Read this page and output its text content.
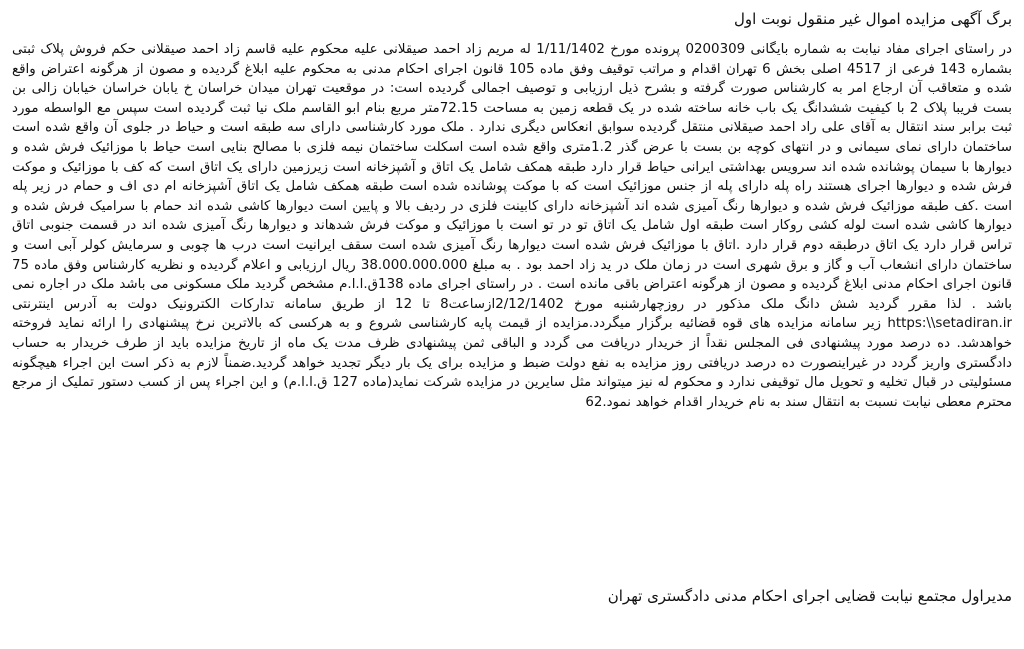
برگ آگهی مزایده اموال غیر منقول نوبت اول
در راستای اجرای مفاد نیابت به شماره بایگانی 0200309 پرونده مورخ 1/11/1402 له مریم زاد احمد صیقلانی علیه محکوم علیه قاسم زاد احمد صیقلانی حکم فروش پلاک ثبتی بشماره 143 فرعی از 4517 اصلی بخش 6 تهران اقدام و مراتب توقیف وفق ماده 105 قانون اجرای احکام مدنی به محکوم علیه ابلاغ گردیده و مصون از هرگونه اعتراض واقع شده و متعاقب آن ارجاع امر به کارشناس صورت گرفته و بشرح ذیل ارزیابی و توصیف اجمالی گردیده است: در موقعیت تهران میدان خراسان خ یابان خراسان خیابان زالی بن بست فریبا پلاک 2 با کیفیت ششدانگ یک باب خانه ساخته شده در یک قطعه زمین به مساحت 72.15متر مربع بنام ابو القاسم ملک نیا ثبت گردیده است سپس مع الواسطه مورد ثبت برابر سند انتقال به آقای علی راد احمد صیقلانی منتقل گردیده سوابق انعکاس دیگری ندارد . ملک مورد کارشناسی دارای سه طبقه است و حیاط در جلوی آن واقع شده است ساختمان دارای نمای سیمانی و در انتهای کوچه بن بست با عرض گذر 1.2متری واقع شده است اسکلت ساختمان نیمه فلزی با مصالح بنایی است حیاط با موزائیک فرش شده و دیوارها با سیمان پوشانده شده اند سرویس بهداشتی ایرانی حیاط قرار دارد طبقه همکف شامل یک اتاق و آشپزخانه است زیرزمین دارای یک اتاق است که کف با موزائیک و موکت فرش شده و دیوارها اجرای هستند راه پله دارای پله از جنس موزائیک است که با موکت پوشانده شده است طبقه همکف شامل یک اتاق آشپزخانه ام دی اف و حمام در زیر پله است .کف طبقه موزائیک فرش شده و دیوارها رنگ آمیزی شده اند آشپزخانه دارای کابینت فلزی در ردیف بالا و پایین است دیوارها کاشی شده اند حمام با سرامیک فرش شده و دیوارها کاشی شده است لوله کشی روکار است طبقه اول شامل یک اتاق تو در تو است با موزائیک و موکت فرش شدهاند و دیوارها رنگ آمیزی شده اند در قسمت جنوبی اتاق تراس قرار دارد یک اتاق درطبقه دوم قرار دارد .اتاق با موزائیک فرش شده است دیوارها رنگ آمیزی شده است سقف ایرانیت است درب ها چوبی و سرمایش کولر آبی است و ساختمان دارای انشعاب آب و گاز و برق شهری است در زمان ملک در ید زاد احمد بود . به مبلغ 38.000.000.000 ریال ارزیابی و اعلام گردیده و نظریه کارشناس وفق ماده 75 قانون اجرای احکام مدنی ابلاغ گردیده و مصون از هرگونه اعتراض باقی مانده است . در راستای اجرای ماده 138ق.ا.ا.م مشخص گردید ملک مسکونی می باشد ملک در اجاره نمی باشد . لذا مقرر گردید شش دانگ ملک مذکور در روزچهارشنبه مورخ 2/12/1402ازساعت8 تا 12 از طریق سامانه تدارکات الکترونیک دولت به آدرس اینترنتی https:\\setadiran.ir زیر سامانه مزایده های قوه قضائیه برگزار میگردد.مزایده از قیمت پایه کارشناسی شروع و به هرکسی که بالاترین نرخ پیشنهادی را ارائه نماید فروخته خواهدشد. ده درصد مورد پیشنهادی فی المجلس نقداً از خریدار دریافت می گردد و الباقی ثمن پیشنهادی ظرف مدت یک ماه از تاریخ مزایده باید از طرف خریدار به حساب دادگستری واریز گردد در غیراینصورت ده درصد دریافتی روز مزایده به نفع دولت ضبط و مزایده برای یک بار دیگر تجدید خواهد گردید.ضمناً لازم به ذکر است این اجراء هیچگونه مسئولیتی در قبال تخلیه و تحویل مال توقیفی ندارد و محکوم له نیز میتواند مثل سایرین در مزایده شرکت نماید(ماده 127 ق.ا.ا.م) و این اجراء پس از کسب دستور تملیک از مرجع محترم معطی نیابت نسبت به انتقال سند به نام خریدار اقدام خواهد نمود.62
مدیراول مجتمع نیابت قضایی اجرای احکام مدنی دادگستری تهران
